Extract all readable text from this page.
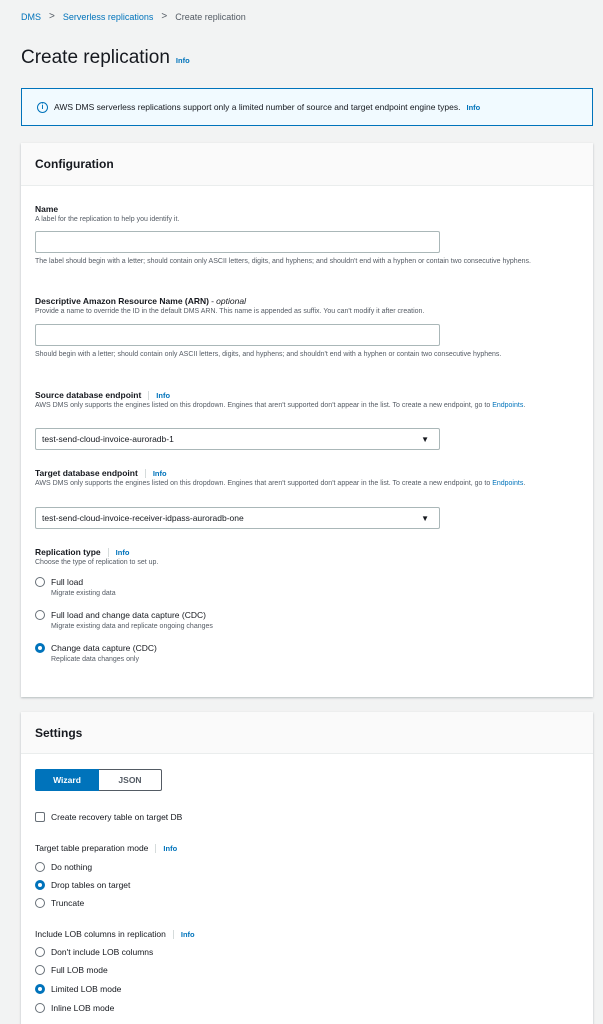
DMS > Serverless replications > Create replication
Create replication Info
i	AWS DMS serverless replications support only a limited number of source and target endpoint engine types. Info
Configuration
Name
A label for the replication to help you identify it.
The label should begin with a letter; should contain only ASCII letters, digits, and hyphens; and shouldn't end with a hyphen or contain two consecutive hyphens.
Descriptive Amazon Resource Name (ARN) - optional
Provide a name to override the ID in the default DMS ARN. This name is appended as suffix. You can't modify it after creation.
Should begin with a letter; should contain only ASCII letters, digits, and hyphens; and shouldn't end with a hyphen or contain two consecutive hyphens.
Source database endpoint Info
AWS DMS only supports the engines listed on this dropdown. Engines that aren't supported don't appear in the list. To create a new endpoint, go to Endpoints.
test-send-cloud-invoice-auroradb-1	▼
Target database endpoint Info
AWS DMS only supports the engines listed on this dropdown. Engines that aren't supported don't appear in the list. To create a new endpoint, go to Endpoints.
test-send-cloud-invoice-receiver-idpass-auroradb-one	▼
Replication type Info
Choose the type of replication to set up.
Full load
Migrate existing data
Full load and change data capture (CDC)
Migrate existing data and replicate ongoing changes
Change data capture (CDC)
Replicate data changes only
Settings
Wizard	JSON
Create recovery table on target DB
Target table preparation mode Info
Do nothing
Drop tables on target
Truncate
Include LOB columns in replication Info
Don't include LOB columns
Full LOB mode
Limited LOB mode
Inline LOB mode
